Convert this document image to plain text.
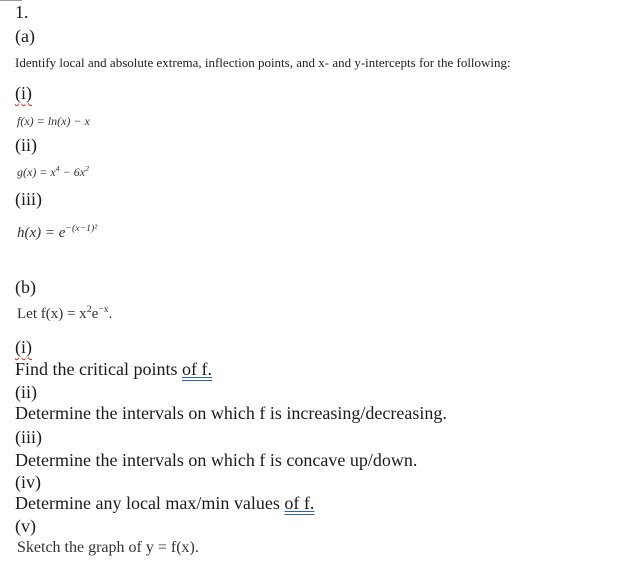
1.
(a)
Identify local and absolute extrema, inflection points, and x- and y-intercepts for the following:
(i)
f(x) = ln(x) − x
(ii)
$g(x) = x^4 - 6x^2$
(iii)
$h(x) = e^{-(x-1)^2}$
(b)
Let $f(x) = x^2e^{-x}$.
(i)
Find the critical points of f.
(ii)
Determine the intervals on which f is increasing/decreasing.
(iii)
Determine the intervals on which f is concave up/down.
(iv)
Determine any local max/min values of f.
(v)
Sketch the graph of y = f(x).
